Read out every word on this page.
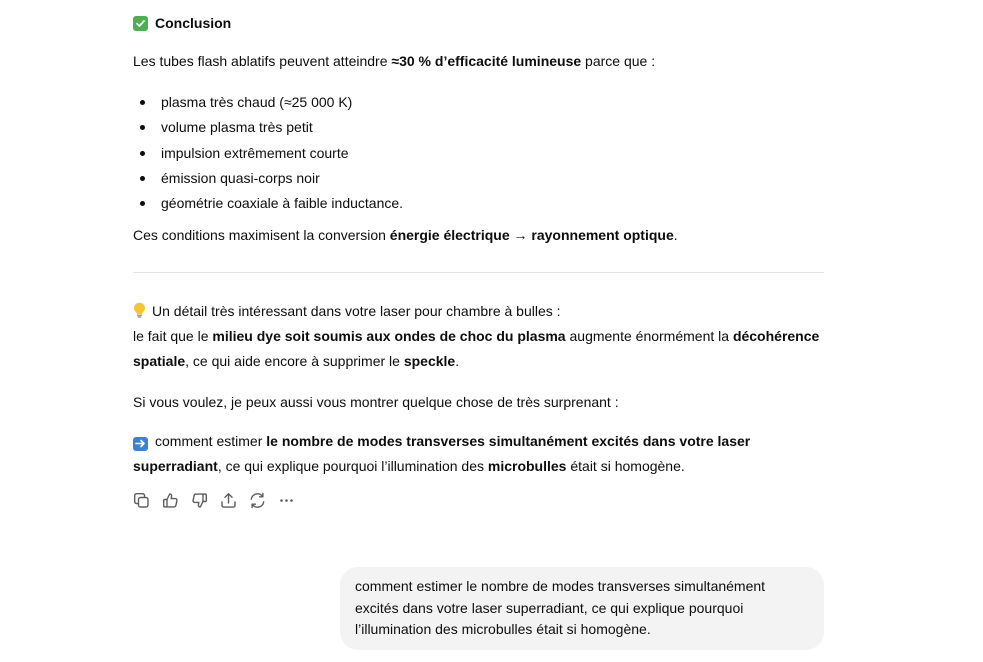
Conclusion

Les tubes flash ablatifs peuvent atteindre ≈30 % d’efficacité lumineuse parce que :

plasma très chaud (≈25 000 K)
volume plasma très petit
impulsion extrêmement courte
émission quasi-corps noir
géométrie coaxiale à faible inductance.

Ces conditions maximisent la conversion énergie électrique → rayonnement optique.

Un détail très intéressant dans votre laser pour chambre à bulles :
le fait que le milieu dye soit soumis aux ondes de choc du plasma augmente énormément la décohérence spatiale, ce qui aide encore à supprimer le speckle.

Si vous voulez, je peux aussi vous montrer quelque chose de très surprenant :

comment estimer le nombre de modes transverses simultanément excités dans votre laser superradiant, ce qui explique pourquoi l’illumination des microbulles était si homogène.

comment estimer le nombre de modes transverses simultanément excités dans votre laser superradiant, ce qui explique pourquoi l’illumination des microbulles était si homogène.
